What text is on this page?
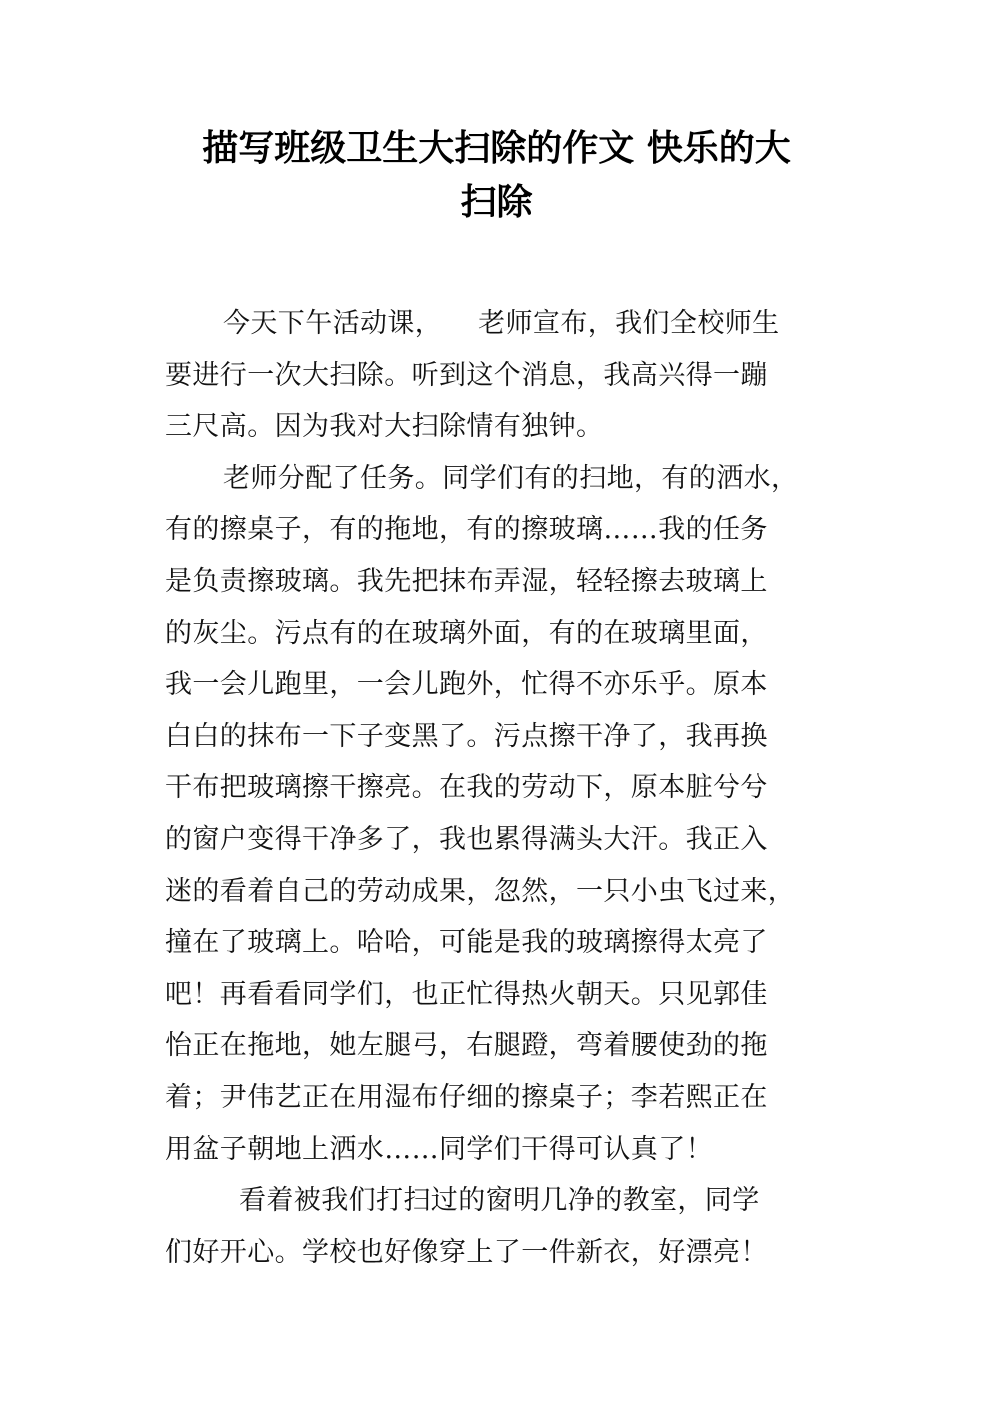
描写班级卫生大扫除的作文 快乐的大
扫除
今天下午活动课，    老师宣布，我们全校师生
要进行一次大扫除。听到这个消息，我高兴得一蹦
三尺高。因为我对大扫除情有独钟。
老师分配了任务。同学们有的扫地，有的洒水，
有的擦桌子，有的拖地，有的擦玻璃……我的任务
是负责擦玻璃。我先把抹布弄湿，轻轻擦去玻璃上
的灰尘。污点有的在玻璃外面，有的在玻璃里面，
我一会儿跑里，一会儿跑外，忙得不亦乐乎。原本
白白的抹布一下子变黑了。污点擦干净了，我再换
干布把玻璃擦干擦亮。在我的劳动下，原本脏兮兮
的窗户变得干净多了，我也累得满头大汗。我正入
迷的看着自己的劳动成果，忽然，一只小虫飞过来，
撞在了玻璃上。哈哈，可能是我的玻璃擦得太亮了
吧！再看看同学们，也正忙得热火朝天。只见郭佳
怡正在拖地，她左腿弓，右腿蹬，弯着腰使劲的拖
着；尹伟艺正在用湿布仔细的擦桌子；李若熙正在
用盆子朝地上洒水……同学们干得可认真了！
看着被我们打扫过的窗明几净的教室，同学
们好开心。学校也好像穿上了一件新衣，好漂亮！
